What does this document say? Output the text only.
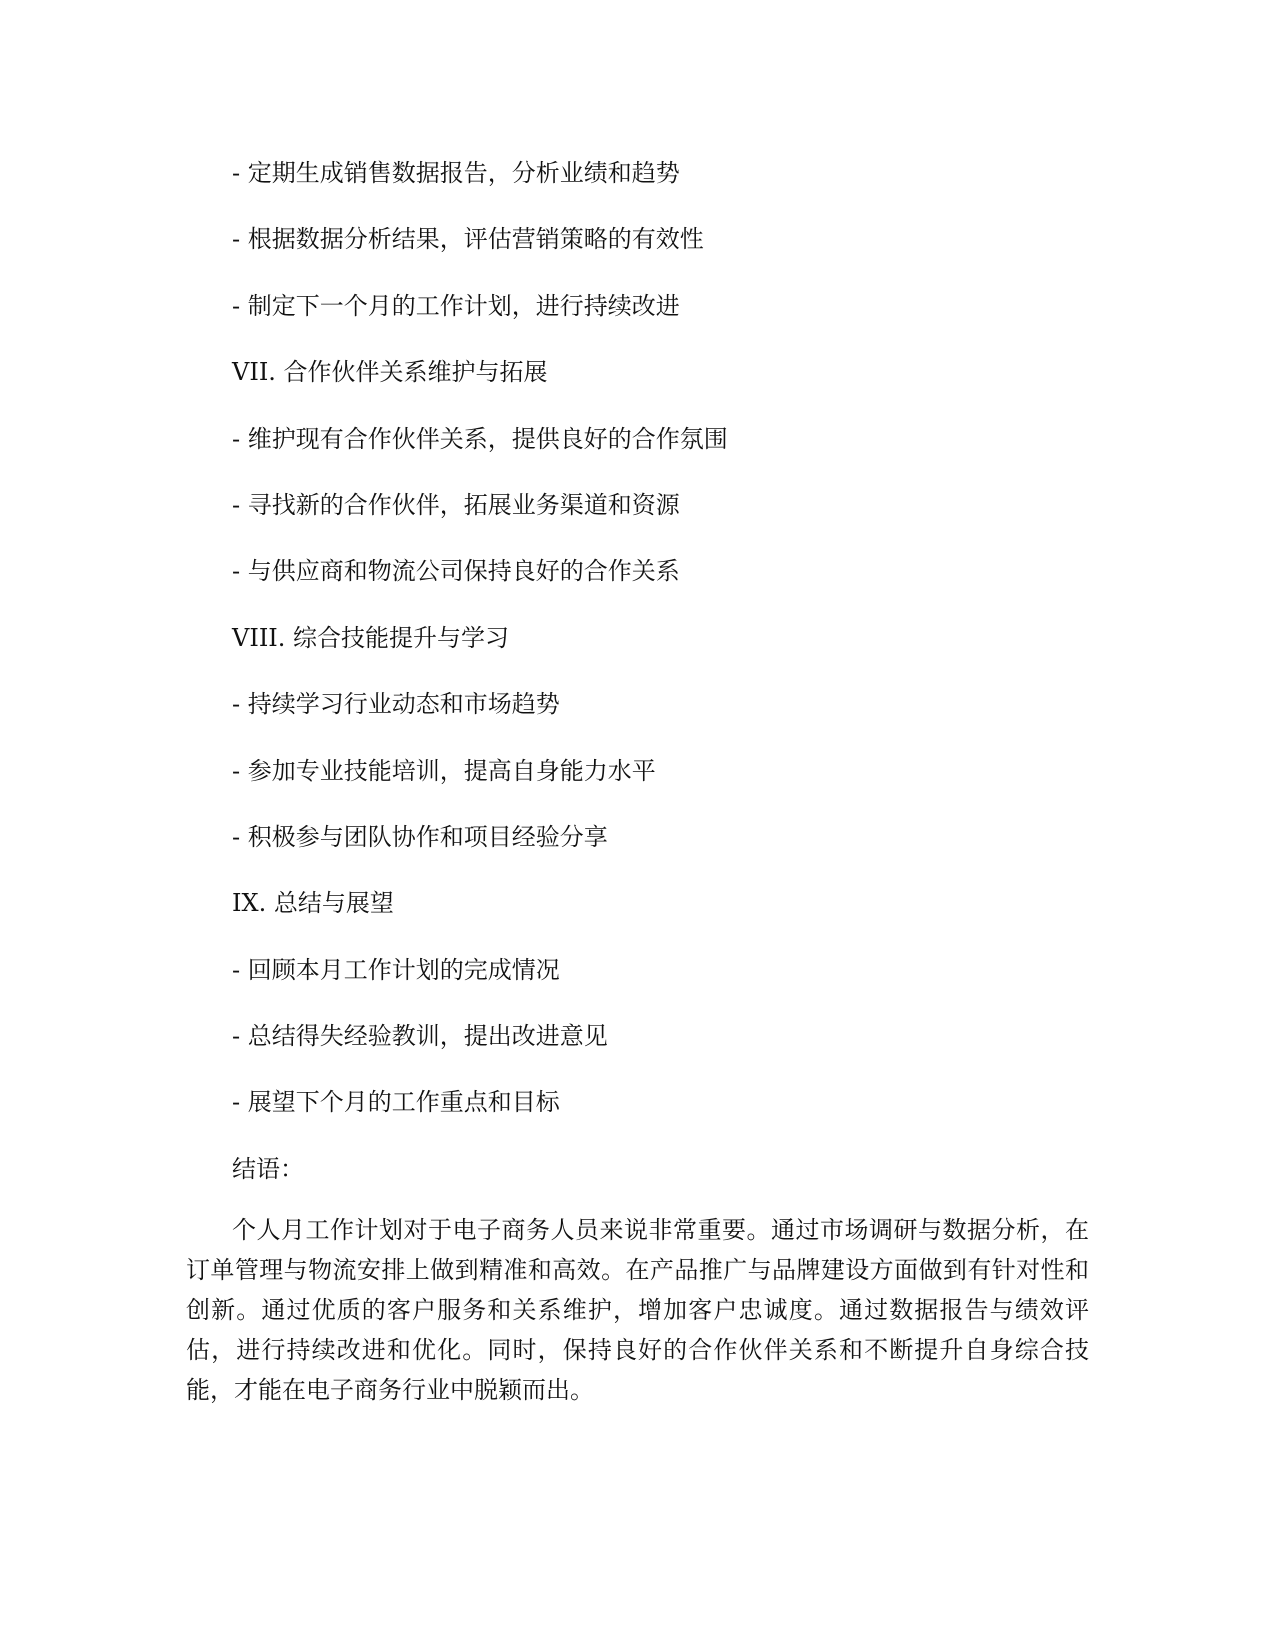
- 定期生成销售数据报告，分析业绩和趋势
- 根据数据分析结果，评估营销策略的有效性
- 制定下一个月的工作计划，进行持续改进
VII. 合作伙伴关系维护与拓展
- 维护现有合作伙伴关系，提供良好的合作氛围
- 寻找新的合作伙伴，拓展业务渠道和资源
- 与供应商和物流公司保持良好的合作关系
VIII. 综合技能提升与学习
- 持续学习行业动态和市场趋势
- 参加专业技能培训，提高自身能力水平
- 积极参与团队协作和项目经验分享
IX. 总结与展望
- 回顾本月工作计划的完成情况
- 总结得失经验教训，提出改进意见
- 展望下个月的工作重点和目标
结语：

个人月工作计划对于电子商务人员来说非常重要。通过市场调研与数据分析，在订单管理与物流安排上做到精准和高效。在产品推广与品牌建设方面做到有针对性和创新。通过优质的客户服务和关系维护，增加客户忠诚度。通过数据报告与绩效评估，进行持续改进和优化。同时，保持良好的合作伙伴关系和不断提升自身综合技能，才能在电子商务行业中脱颖而出。
